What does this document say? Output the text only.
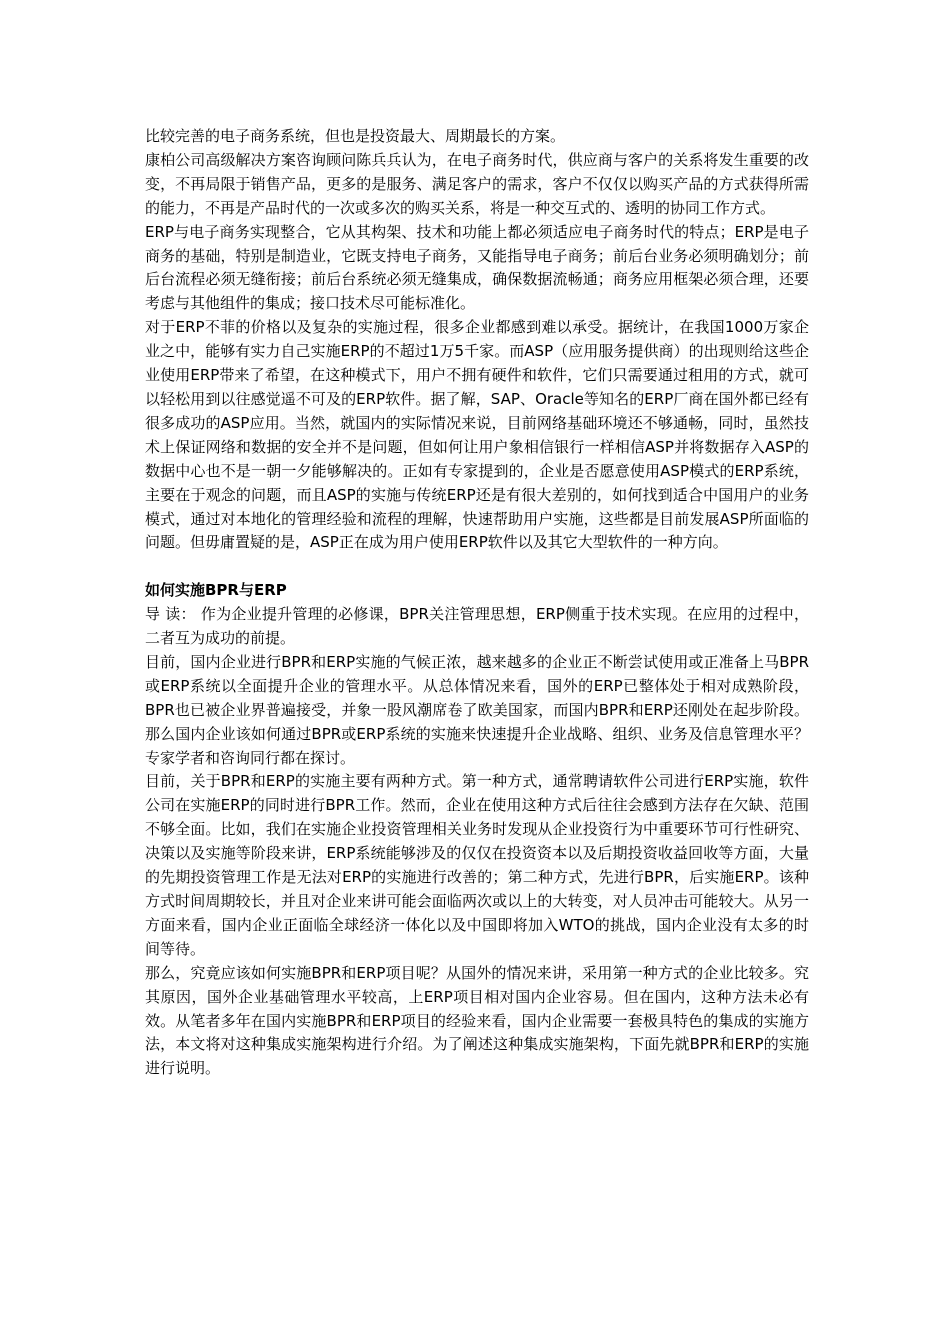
比较完善的电子商务系统，但也是投资最大、周期最长的方案。

康柏公司高级解决方案咨询顾问陈兵兵认为，在电子商务时代，供应商与客户的关系将发生重要的改变，不再局限于销售产品，更多的是服务、满足客户的需求，客户不仅仅以购买产品的方式获得所需的能力，不再是产品时代的一次或多次的购买关系，将是一种交互式的、透明的协同工作方式。

ERP与电子商务实现整合，它从其构架、技术和功能上都必须适应电子商务时代的特点；ERP是电子商务的基础，特别是制造业，它既支持电子商务，又能指导电子商务；前后台业务必须明确划分；前后台流程必须无缝衔接；前后台系统必须无缝集成，确保数据流畅通；商务应用框架必须合理，还要考虑与其他组件的集成；接口技术尽可能标准化。

对于ERP不菲的价格以及复杂的实施过程，很多企业都感到难以承受。据统计，在我国1000万家企业之中，能够有实力自己实施ERP的不超过1万5千家。而ASP（应用服务提供商）的出现则给这些企业使用ERP带来了希望，在这种模式下，用户不拥有硬件和软件，它们只需要通过租用的方式，就可以轻松用到以往感觉遥不可及的ERP软件。据了解，SAP、Oracle等知名的ERP厂商在国外都已经有很多成功的ASP应用。当然，就国内的实际情况来说，目前网络基础环境还不够通畅，同时，虽然技术上保证网络和数据的安全并不是问题，但如何让用户象相信银行一样相信ASP并将数据存入ASP的数据中心也不是一朝一夕能够解决的。正如有专家提到的，企业是否愿意使用ASP模式的ERP系统，主要在于观念的问题，而且ASP的实施与传统ERP还是有很大差别的，如何找到适合中国用户的业务模式，通过对本地化的管理经验和流程的理解，快速帮助用户实施，这些都是目前发展ASP所面临的问题。但毋庸置疑的是，ASP正在成为用户使用ERP软件以及其它大型软件的一种方向。

如何实施BPR与ERP

导 读： 作为企业提升管理的必修课，BPR关注管理思想，ERP侧重于技术实现。在应用的过程中，二者互为成功的前提。

目前，国内企业进行BPR和ERP实施的气候正浓，越来越多的企业正不断尝试使用或正准备上马BPR或ERP系统以全面提升企业的管理水平。从总体情况来看，国外的ERP已整体处于相对成熟阶段，BPR也已被企业界普遍接受，并象一股风潮席卷了欧美国家，而国内BPR和ERP还刚处在起步阶段。那么国内企业该如何通过BPR或ERP系统的实施来快速提升企业战略、组织、业务及信息管理水平？ 专家学者和咨询同行都在探讨。

目前，关于BPR和ERP的实施主要有两种方式。第一种方式，通常聘请软件公司进行ERP实施，软件公司在实施ERP的同时进行BPR工作。然而，企业在使用这种方式后往往会感到方法存在欠缺、范围不够全面。比如，我们在实施企业投资管理相关业务时发现从企业投资行为中重要环节可行性研究、决策以及实施等阶段来讲，ERP系统能够涉及的仅仅在投资资本以及后期投资收益回收等方面，大量的先期投资管理工作是无法对ERP的实施进行改善的；第二种方式，先进行BPR，后实施ERP。该种方式时间周期较长，并且对企业来讲可能会面临两次或以上的大转变，对人员冲击可能较大。从另一方面来看，国内企业正面临全球经济一体化以及中国即将加入WTO的挑战，国内企业没有太多的时间等待。

那么，究竟应该如何实施BPR和ERP项目呢？从国外的情况来讲，采用第一种方式的企业比较多。究其原因，国外企业基础管理水平较高，上ERP项目相对国内企业容易。但在国内，这种方法未必有效。从笔者多年在国内实施BPR和ERP项目的经验来看，国内企业需要一套极具特色的集成的实施方法，本文将对这种集成实施架构进行介绍。为了阐述这种集成实施架构，下面先就BPR和ERP的实施进行说明。
